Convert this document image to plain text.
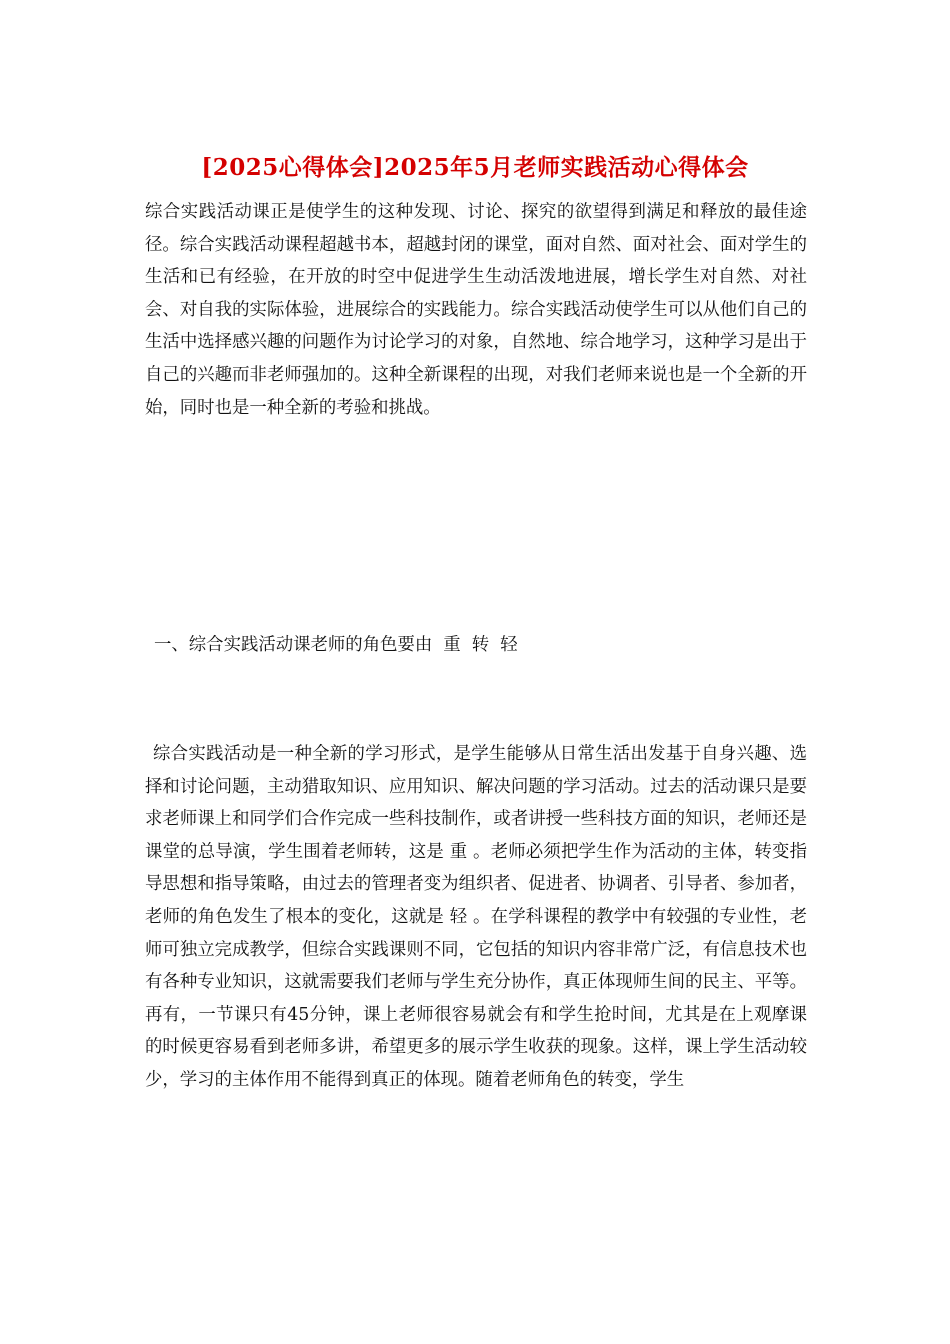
[2025心得体会]2025年5月老师实践活动心得体会

综合实践活动课正是使学生的这种发现、讨论、探究的欲望得到满足和释放的最佳途径。综合实践活动课程超越书本，超越封闭的课堂，面对自然、面对社会、面对学生的生活和已有经验，在开放的时空中促进学生生动活泼地进展，增长学生对自然、对社会、对自我的实际体验，进展综合的实践能力。综合实践活动使学生可以从他们自己的生活中选择感兴趣的问题作为讨论学习的对象，自然地、综合地学习，这种学习是出于自己的兴趣而非老师强加的。这种全新课程的出现，对我们老师来说也是一个全新的开始，同时也是一种全新的考验和挑战。

一、综合实践活动课老师的角色要由  重  转  轻

综合实践活动是一种全新的学习形式，是学生能够从日常生活出发基于自身兴趣、选择和讨论问题，主动猎取知识、应用知识、解决问题的学习活动。过去的活动课只是要求老师课上和同学们合作完成一些科技制作，或者讲授一些科技方面的知识，老师还是课堂的总导演，学生围着老师转，这是 重 。老师必须把学生作为活动的主体，转变指导思想和指导策略，由过去的管理者变为组织者、促进者、协调者、引导者、参加者，老师的角色发生了根本的变化，这就是 轻 。在学科课程的教学中有较强的专业性，老师可独立完成教学，但综合实践课则不同，它包括的知识内容非常广泛，有信息技术也有各种专业知识，这就需要我们老师与学生充分协作，真正体现师生间的民主、平等。再有，一节课只有45分钟，课上老师很容易就会有和学生抢时间，尤其是在上观摩课的时候更容易看到老师多讲，希望更多的展示学生收获的现象。这样，课上学生活动较少，学习的主体作用不能得到真正的体现。随着老师角色的转变，学生
